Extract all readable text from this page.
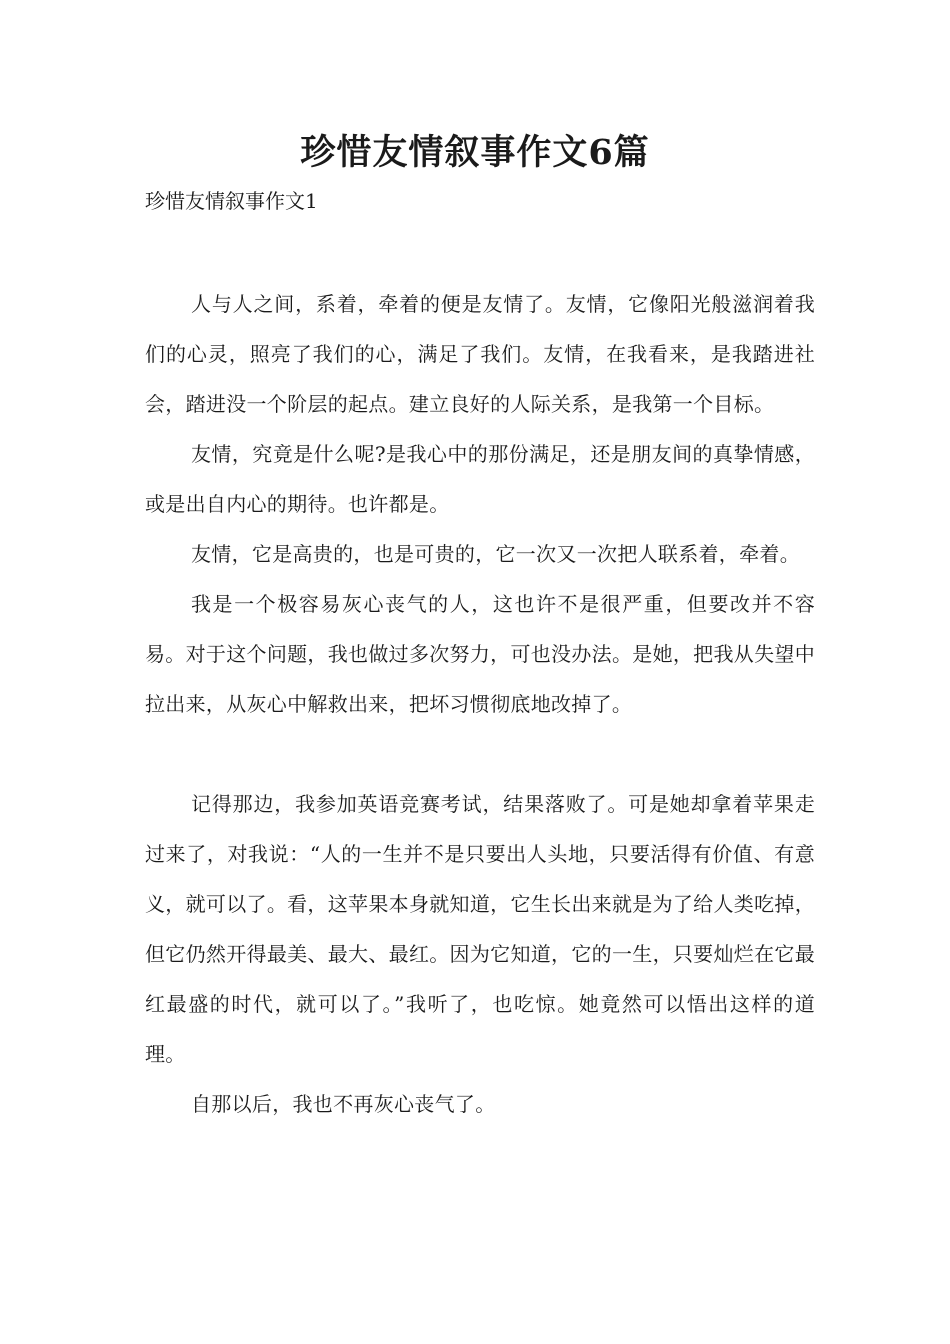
珍惜友情叙事作文6篇

珍惜友情叙事作文1

人与人之间，系着，牵着的便是友情了。友情，它像阳光般滋润着我们的心灵，照亮了我们的心，满足了我们。友情，在我看来，是我踏进社会，踏进没一个阶层的起点。建立良好的人际关系，是我第一个目标。

友情，究竟是什么呢?是我心中的那份满足，还是朋友间的真挚情感，或是出自内心的期待。也许都是。

友情，它是高贵的，也是可贵的，它一次又一次把人联系着，牵着。

我是一个极容易灰心丧气的人，这也许不是很严重，但要改并不容易。对于这个问题，我也做过多次努力，可也没办法。是她，把我从失望中拉出来，从灰心中解救出来，把坏习惯彻底地改掉了。

记得那边，我参加英语竞赛考试，结果落败了。可是她却拿着苹果走过来了，对我说：“人的一生并不是只要出人头地，只要活得有价值、有意义，就可以了。看，这苹果本身就知道，它生长出来就是为了给人类吃掉，但它仍然开得最美、最大、最红。因为它知道，它的一生，只要灿烂在它最红最盛的时代，就可以了。”我听了，也吃惊。她竟然可以悟出这样的道理。

自那以后，我也不再灰心丧气了。
